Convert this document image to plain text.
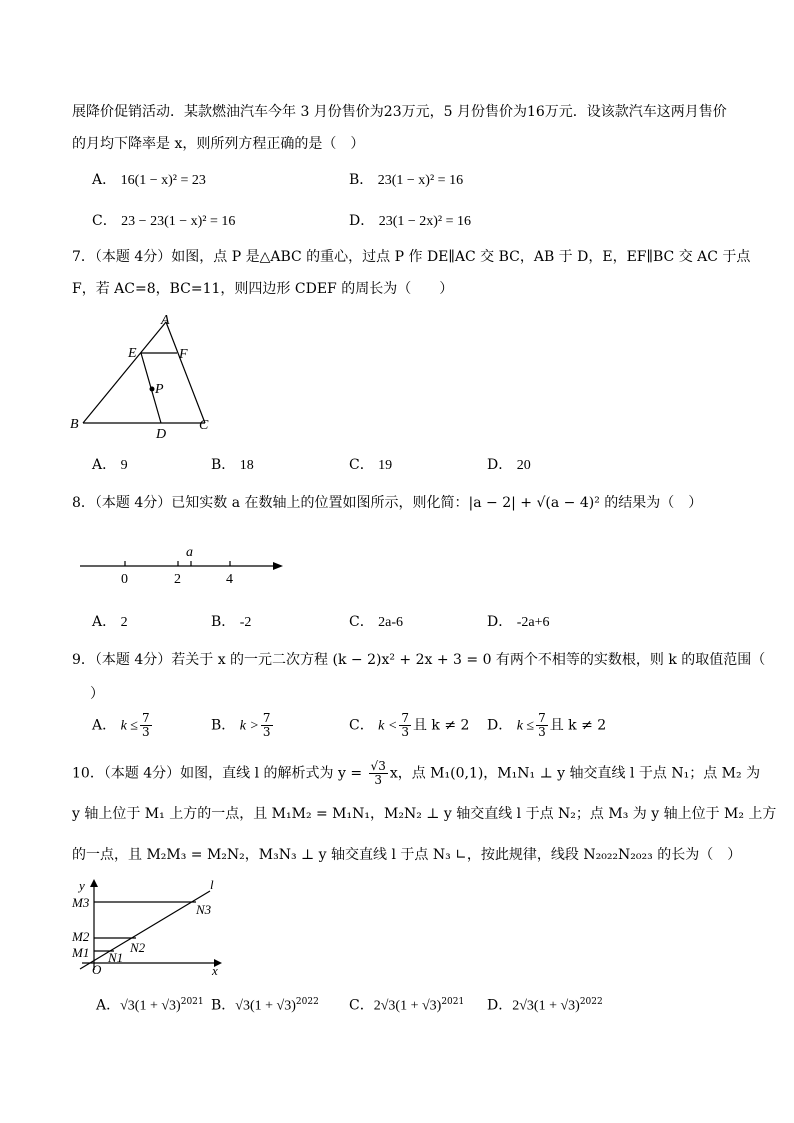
展降价促销活动．某款燃油汽车今年 3 月份售价为23万元，5 月份售价为16万元．设该款汽车这两月售价
的月均下降率是 x，则所列方程正确的是（　）
A． 16(1 − x)² = 23	B． 23(1 − x)² = 16
C． 23 − 23(1 − x)² = 16	D． 23(1 − 2x)² = 16
7．（本题 4分）如图，点 P 是△ABC 的重心，过点 P 作 DE∥AC 交 BC，AB 于 D，E，EF∥BC 交 AC 于点
F，若 AC=8，BC=11，则四边形 CDEF 的周长为（　　）
A
E	F
P
B
D
C
A． 9	B． 18	C． 19	D． 20
8．（本题 4分）已知实数 a 在数轴上的位置如图所示，则化简：|a − 2| + √(a − 4)² 的结果为（　）
a
0	2	4
A． 2	B． -2	C． 2a-6	D． -2a+6
9．（本题 4分）若关于 x 的一元二次方程 (k − 2)x² + 2x + 3 = 0 有两个不相等的实数根，则 k 的取值范围（
）
A． $k \le \frac{7}{3}$	B． $k > \frac{7}{3}$	C． $k < \frac{7}{3}$ 且 k ≠ 2 D． $k \le \frac{7}{3}$ 且 k ≠ 2
10．（本题 4分）如图，直线 l 的解析式为 $y = \frac{√3}{3}$ x，点 M₁(0,1)，M₁N₁ ⊥ y 轴交直线 l 于点 N₁；点 M₂ 为
y 轴上位于 M₁ 上方的一点，且 M₁M₂ = M₁N₁，M₂N₂ ⊥ y 轴交直线 l 于点 N₂；点 M₃ 为 y 轴上位于 M₂ 上方
的一点，且 M₂M₃ = M₂N₂，M₃N₃ ⊥ y 轴交直线 l 于点 N₃ ∟，按此规律，线段 N₂₀₂₂N₂₀₂₃ 的长为（　）
y	l
M3	N3
M2
N2
M1 N1
O	x
A．$√3(1 + √3)^{2021}$ B．$√3(1 + √3)^{2022}$ C．$2√3(1 + √3)^{2021}$ D．$2√3(1 + √3)^{2022}$
